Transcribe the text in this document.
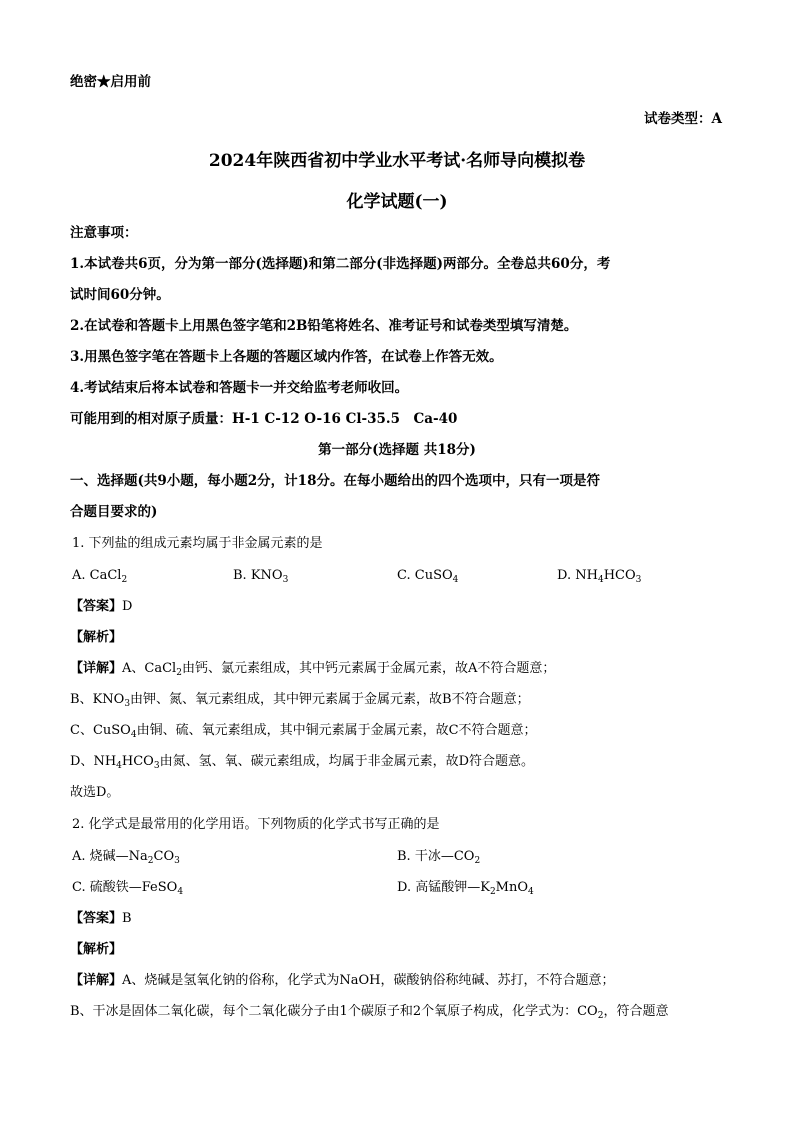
绝密★启用前
试卷类型：A
2024年陕西省初中学业水平考试·名师导向模拟卷
化学试题(一)
注意事项：
1.本试卷共6页，分为第一部分(选择题)和第二部分(非选择题)两部分。全卷总共60分，考
试时间60分钟。
2.在试卷和答题卡上用黑色签字笔和2B铅笔将姓名、准考证号和试卷类型填写清楚。
3.用黑色签字笔在答题卡上各题的答题区域内作答，在试卷上作答无效。
4.考试结束后将本试卷和答题卡一并交给监考老师收回。
可能用到的相对原子质量：H-1 C-12 O-16 Cl-35.5　Ca-40
第一部分(选择题 共18分)
一、选择题(共9小题，每小题2分，计18分。在每小题给出的四个选项中，只有一项是符
合题目要求的)
1. 下列盐的组成元素均属于非金属元素的是
A. CaCl$_2$	B. $KNO_3$	C. CuSO$_4$	D. $NH_4HCO_3$
【答案】D
【解析】
【详解】A、CaCl$_2$由钙、氯元素组成，其中钙元素属于金属元素，故A不符合题意；
B、$KNO_3$由钾、氮、氧元素组成，其中钾元素属于金属元素，故B不符合题意；
C、CuSO$_4$由铜、硫、氧元素组成，其中铜元素属于金属元素，故C不符合题意；
D、$NH_4HCO_3$由氮、氢、氧、碳元素组成，均属于非金属元素，故D符合题意。
故选D。
2. 化学式是最常用的化学用语。下列物质的化学式书写正确的是
A. 烧碱$—Na_2CO_3$	B. 干冰$—CO_2$
C. 硫酸铁—FeSO$_4$	D. 高锰酸钾$—K_2MnO_4$
【答案】B
【解析】
【详解】A、烧碱是氢氧化钠的俗称，化学式为NaOH，碳酸钠俗称纯碱、苏打，不符合题意；
B、干冰是固体二氧化碳，每个二氧化碳分子由1个碳原子和2个氧原子构成，化学式为：$CO_2$，符合题意
